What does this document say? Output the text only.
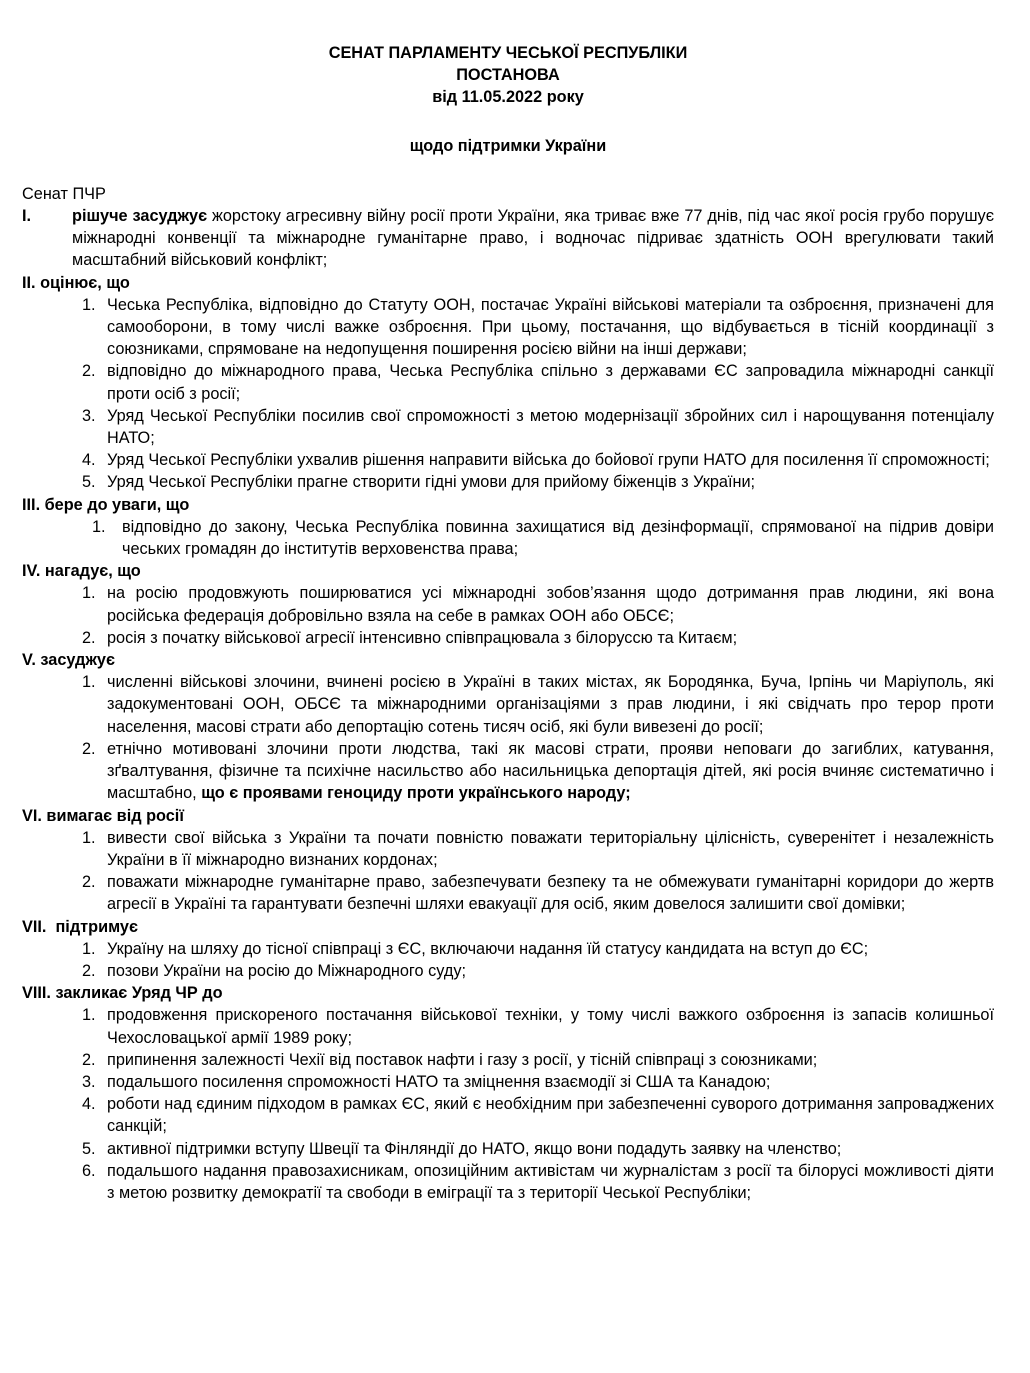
СЕНАТ ПАРЛАМЕНТУ ЧЕСЬКОЇ РЕСПУБЛІКИ
ПОСТАНОВА
від 11.05.2022 року
щодо підтримки України
Сенат ПЧР
I.	рішуче засуджує жорстоку агресивну війну росії проти України, яка триває вже 77 днів, під час якої росія грубо порушує міжнародні конвенції та міжнародне гуманітарне право, і водночас підриває здатність ООН врегулювати такий масштабний військовий конфлікт;
II. оцінює, що
1. Чеська Республіка, відповідно до Статуту ООН, постачає Україні військові матеріали та озброєння, призначені для самооборони, в тому числі важке озброєння. При цьому, постачання, що відбувається в тісній координації з союзниками, спрямоване на недопущення поширення росією війни на інші держави;
2. відповідно до міжнародного права, Чеська Республіка спільно з державами ЄС запровадила міжнародні санкції проти осіб з росії;
3. Уряд Чеської Республіки посилив свої спроможності з метою модернізації збройних сил і нарощування потенціалу НАТО;
4. Уряд Чеської Республіки ухвалив рішення направити війська до бойової групи НАТО для посилення її спроможності;
5. Уряд Чеської Республіки прагне створити гідні умови для прийому біженців з України;
III. бере до уваги, що
1.	відповідно до закону, Чеська Республіка повинна захищатися від дезінформації, спрямованої на підрив довіри чеських громадян до інститутів верховенства права;
IV. нагадує, що
1. на росію продовжують поширюватися усі міжнародні зобов’язання щодо дотримання прав людини, які вона російська федерація добровільно взяла на себе в рамках ООН або ОБСЄ;
2. росія з початку військової агресії інтенсивно співпрацювала з білоруссю та Китаєм;
V. засуджує
1. численні військові злочини, вчинені росією в Україні в таких містах, як Бородянка, Буча, Ірпінь чи Маріуполь, які задокументовані ООН, ОБСЄ та міжнародними організаціями з прав людини, і які свідчать про терор проти населення, масові страти або депортацію сотень тисяч осіб, які були вивезені до росії;
2. етнічно мотивовані злочини проти людства, такі як масові страти, прояви неповаги до загиблих, катування, зґвалтування, фізичне та психічне насильство або насильницька депортація дітей, які росія вчиняє систематично і масштабно, що є проявами геноциду проти українського народу;
VI. вимагає від росії
1. вивести свої війська з України та почати повністю поважати територіальну цілісність, суверенітет і незалежність України в її міжнародно визнаних кордонах;
2. поважати міжнародне гуманітарне право, забезпечувати безпеку та не обмежувати гуманітарні коридори до жертв агресії в Україні та гарантувати безпечні шляхи евакуації для осіб, яким довелося залишити свої домівки;
VII.  підтримує
1. Україну на шляху до тісної співпраці з ЄС, включаючи надання їй статусу кандидата на вступ до ЄС;
2. позови України на росію до Міжнародного суду;
VIII. закликає Уряд ЧР до
1. продовження прискореного постачання військової техніки, у тому числі важкого озброєння із запасів колишньої Чехословацької армії 1989 року;
2. припинення залежності Чехії від поставок нафти і газу з росії, у тісній співпраці з союзниками;
3. подальшого посилення спроможності НАТО та зміцнення взаємодії зі США та Канадою;
4. роботи над єдиним підходом в рамках ЄС, який є необхідним при забезпеченні суворого дотримання запроваджених санкцій;
5. активної підтримки вступу Швеції та Фінляндії до НАТО, якщо вони подадуть заявку на членство;
6. подальшого надання правозахисникам, опозиційним активістам чи журналістам з росії та білорусі можливості діяти з метою розвитку демократії та свободи в еміграції та з території Чеської Республіки;
